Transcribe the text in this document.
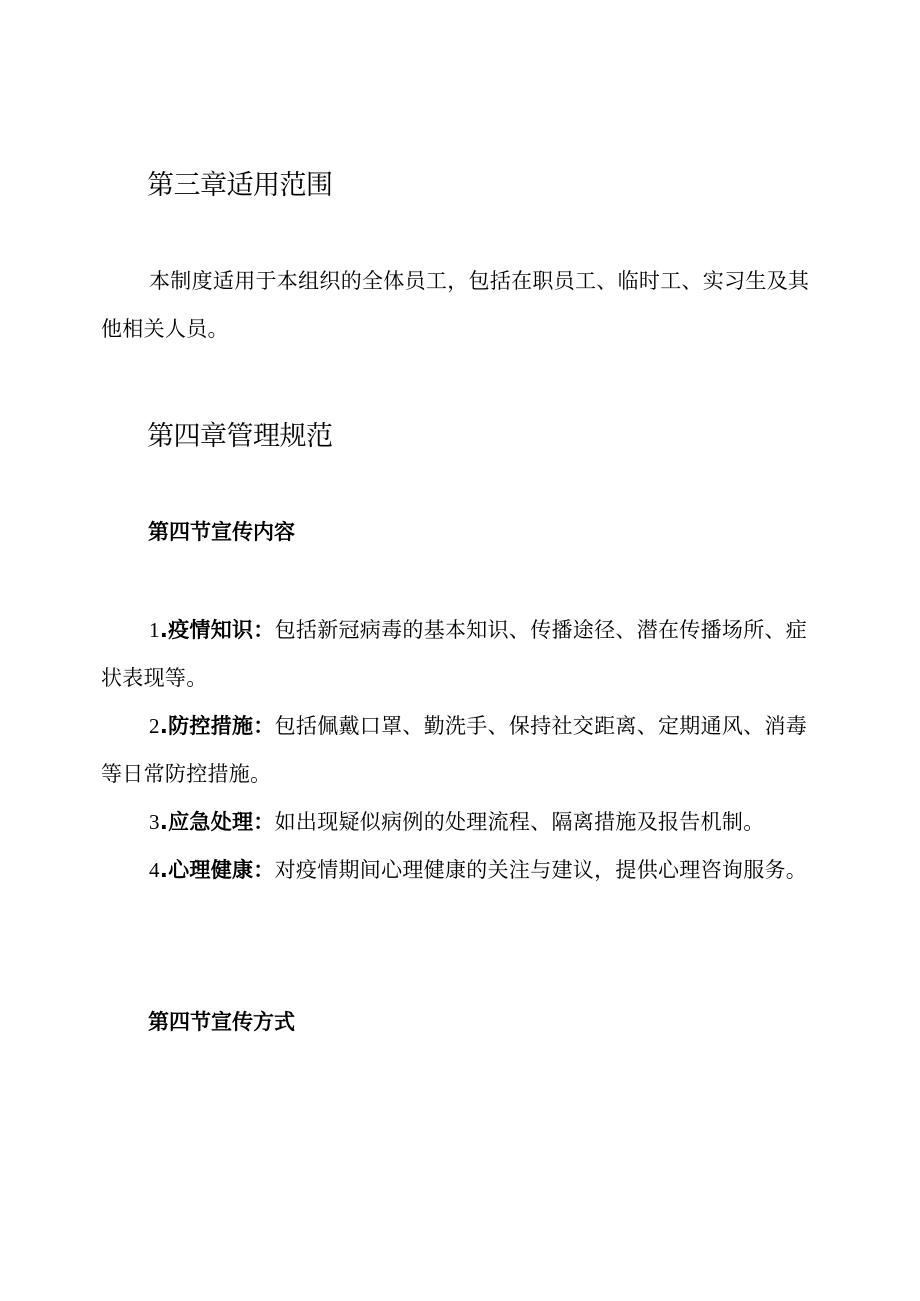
第三章适用范围

本制度适用于本组织的全体员工，包括在职员工、临时工、实习生及其他相关人员。

第四章管理规范
第四节宣传内容

1.疫情知识：包括新冠病毒的基本知识、传播途径、潜在传播场所、症状表现等。

2.防控措施：包括佩戴口罩、勤洗手、保持社交距离、定期通风、消毒等日常防控措施。

3.应急处理：如出现疑似病例的处理流程、隔离措施及报告机制。

4.心理健康：对疫情期间心理健康的关注与建议，提供心理咨询服务。

第四节宣传方式
